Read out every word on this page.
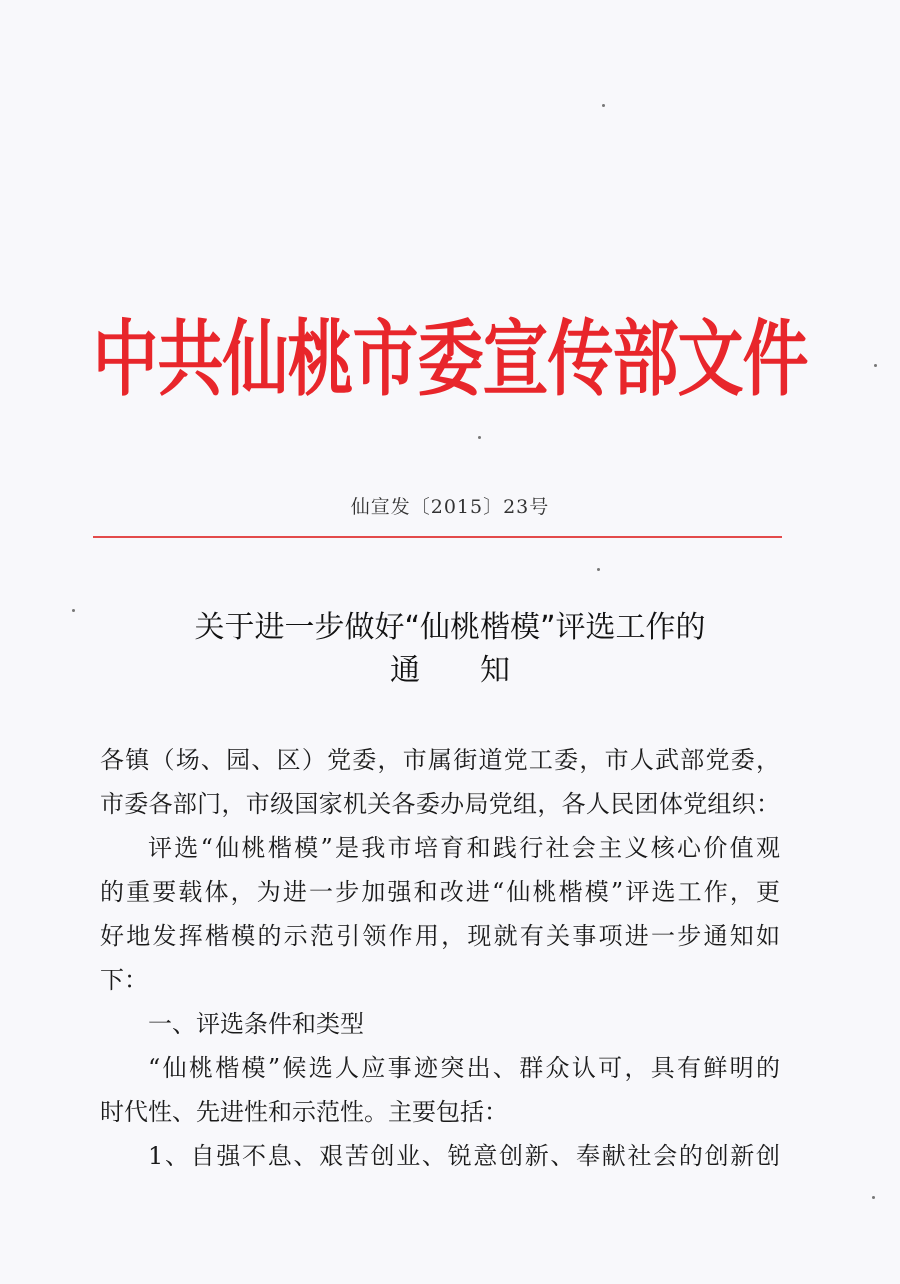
中共仙桃市委宣传部文件
仙宣发〔2015〕23号
关于进一步做好“仙桃楷模”评选工作的
通　　知
各镇（场、园、区）党委，市属街道党工委，市人武部党委，
市委各部门，市级国家机关各委办局党组，各人民团体党组织：
评选“仙桃楷模”是我市培育和践行社会主义核心价值观
的重要载体，为进一步加强和改进“仙桃楷模”评选工作，更
好地发挥楷模的示范引领作用，现就有关事项进一步通知如
下：
一、评选条件和类型
“仙桃楷模”候选人应事迹突出、群众认可，具有鲜明的
时代性、先进性和示范性。主要包括：
1、自强不息、艰苦创业、锐意创新、奉献社会的创新创
